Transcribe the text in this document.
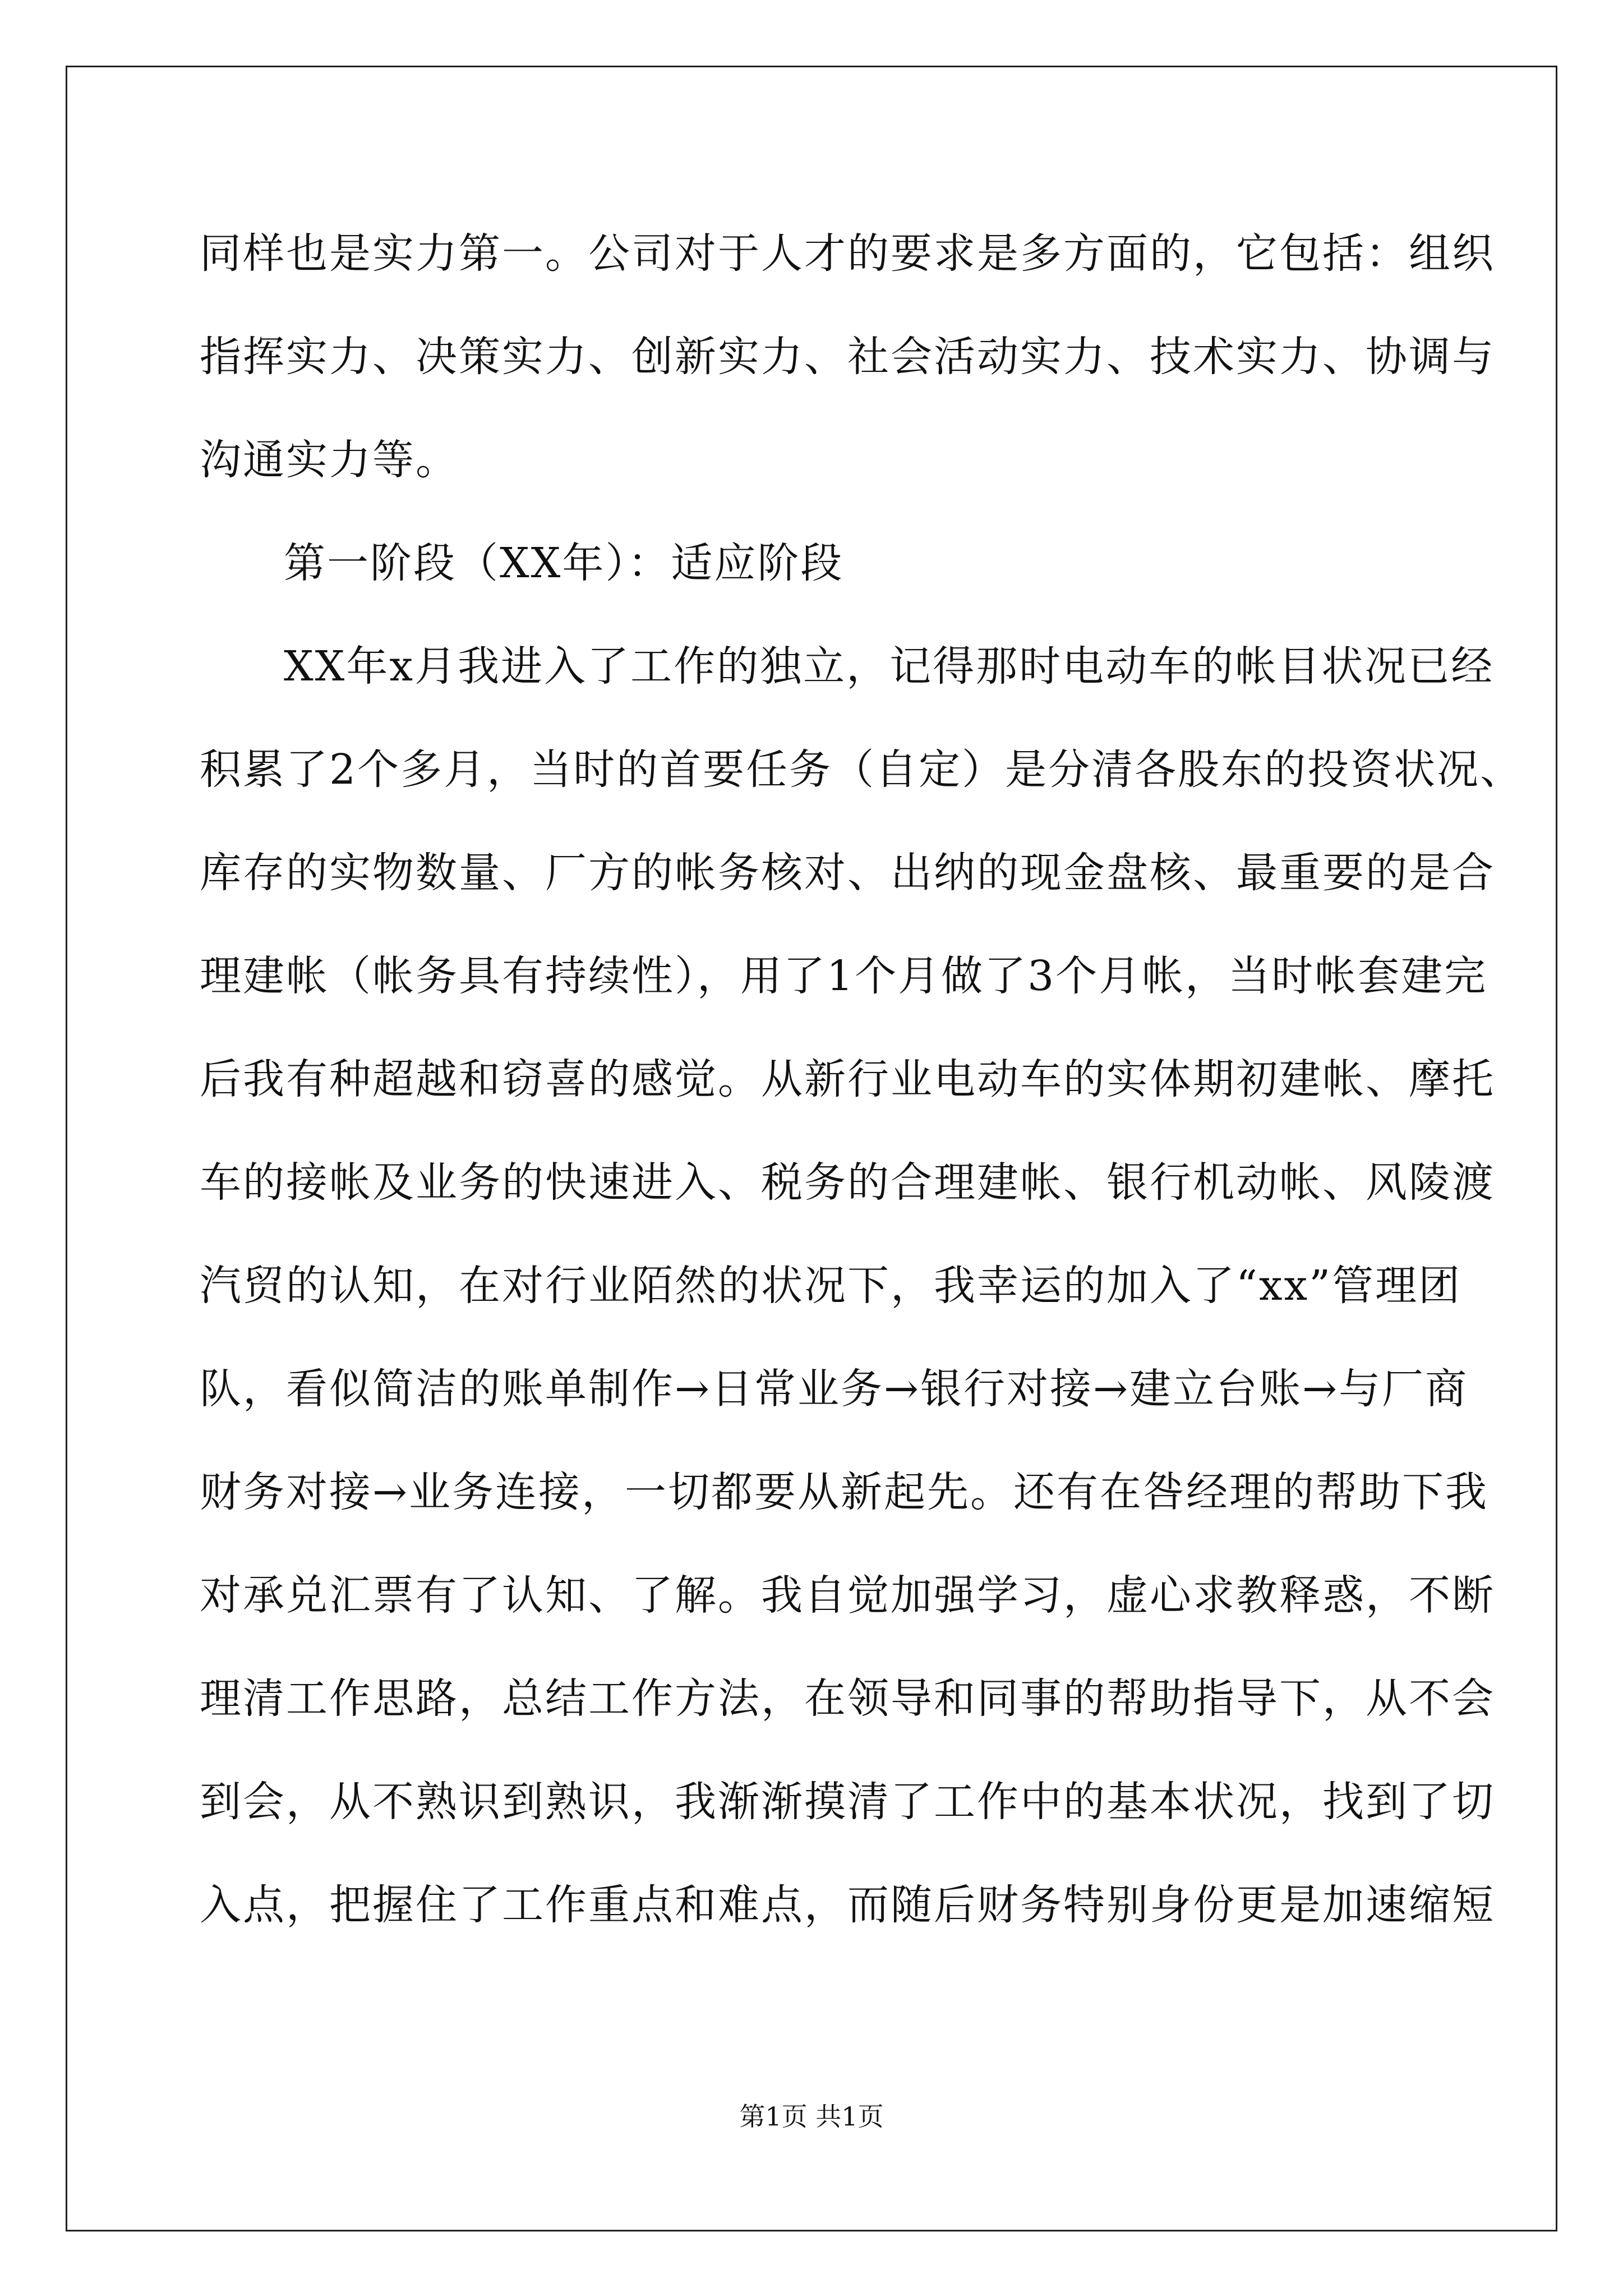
同样也是实力第一。公司对于人才的要求是多方面的，它包括：组织
指挥实力、决策实力、创新实力、社会活动实力、技术实力、协调与
沟通实力等。
第一阶段（XX年）：适应阶段
XX年x月我进入了工作的独立，记得那时电动车的帐目状况已经
积累了2个多月，当时的首要任务（自定）是分清各股东的投资状况、
库存的实物数量、厂方的帐务核对、出纳的现金盘核、最重要的是合
理建帐（帐务具有持续性），用了1个月做了3个月帐，当时帐套建完
后我有种超越和窃喜的感觉。从新行业电动车的实体期初建帐、摩托
车的接帐及业务的快速进入、税务的合理建帐、银行机动帐、风陵渡
汽贸的认知，在对行业陌然的状况下，我幸运的加入了“xx”管理团
队，看似简洁的账单制作→日常业务→银行对接→建立台账→与厂商
财务对接→业务连接，一切都要从新起先。还有在咎经理的帮助下我
对承兑汇票有了认知、了解。我自觉加强学习，虚心求教释惑，不断
理清工作思路，总结工作方法，在领导和同事的帮助指导下，从不会
到会，从不熟识到熟识，我渐渐摸清了工作中的基本状况，找到了切
入点，把握住了工作重点和难点，而随后财务特别身份更是加速缩短
第1页 共1页
